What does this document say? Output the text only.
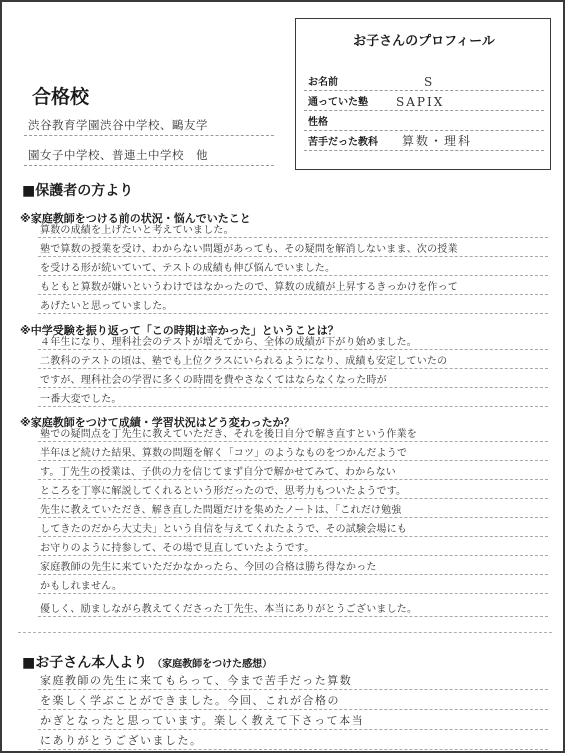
お子さんのプロフィール
お名前	S
通っていた塾 SAPIX
性格
苦手だった教科 算数・理科
合格校
渋谷教育学園渋谷中学校、鷗友学
園女子中学校、普連土中学校　他
■保護者の方より
※家庭教師をつける前の状況・悩んでいたこと
算数の成績を上げたいと考えていました。
塾で算数の授業を受け、わからない問題があっても、その疑問を解消しないまま、次の授業
を受ける形が続いていて、テストの成績も伸び悩んでいました。
もともと算数が嫌いというわけではなかったので、算数の成績が上昇するきっかけを作って
あげたいと思っていました。
※中学受験を振り返って「この時期は辛かった」ということは？
４年生になり、理科社会のテストが増えてから、全体の成績が下がり始めました。
二教科のテストの頃は、塾でも上位クラスにいられるようになり、成績も安定していたの
ですが、理科社会の学習に多くの時間を費やさなくてはならなくなった時が
一番大変でした。
※家庭教師をつけて成績・学習状況はどう変わったか？
塾での疑問点を丁先生に教えていただき、それを後日自分で解き直すという作業を
半年ほど続けた結果、算数の問題を解く「コツ」のようなものをつかんだようで
す。丁先生の授業は、子供の力を信じてまず自分で解かせてみて、わからない
ところを丁寧に解説してくれるという形だったので、思考力もついたようです。
先生に教えていただき、解き直した問題だけを集めたノートは、「これだけ勉強
してきたのだから大丈夫」という自信を与えてくれたようで、その試験会場にも
お守りのように持参して、その場で見直していたようです。
家庭教師の先生に来ていただかなかったら、今回の合格は勝ち得なかった
かもしれません。
優しく、励ましながら教えてくださった丁先生、本当にありがとうございました。
■お子さん本人より （家庭教師をつけた感想）
家庭教師の先生に来てもらって、今まで苦手だった算数
を楽しく学ぶことができました。今回、これが合格の
かぎとなったと思っています。楽しく教えて下さって本当
にありがとうございました。
